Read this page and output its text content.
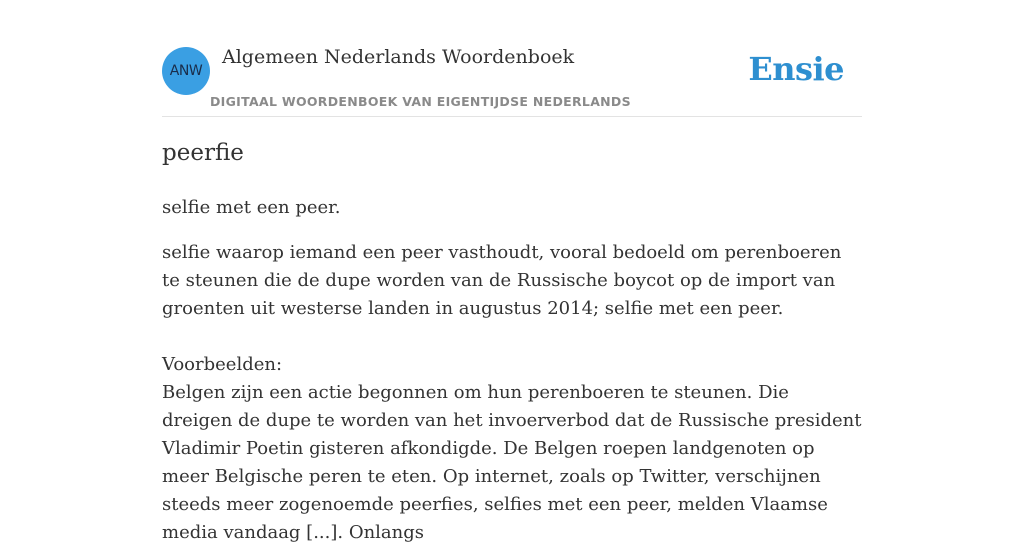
ANW
Algemeen Nederlands Woordenboek
DIGITAAL WOORDENBOEK VAN EIGENTIJDSE NEDERLANDS
Ensie
peerfie

selfie met een peer.

selfie waarop iemand een peer vasthoudt, vooral bedoeld om perenboeren te steunen die de dupe worden van de Russische boycot op de import van groenten uit westerse landen in augustus 2014; selfie met een peer.

Voorbeelden:

Belgen zijn een actie begonnen om hun perenboeren te steunen. Die dreigen de dupe te worden van het invoerverbod dat de Russische president Vladimir Poetin gisteren afkondigde. De Belgen roepen landgenoten op meer Belgische peren te eten. Op internet, zoals op Twitter, verschijnen steeds meer zogenoemde peerfies, selfies met een peer, melden Vlaamse media vandaag [...]. Onlangs
